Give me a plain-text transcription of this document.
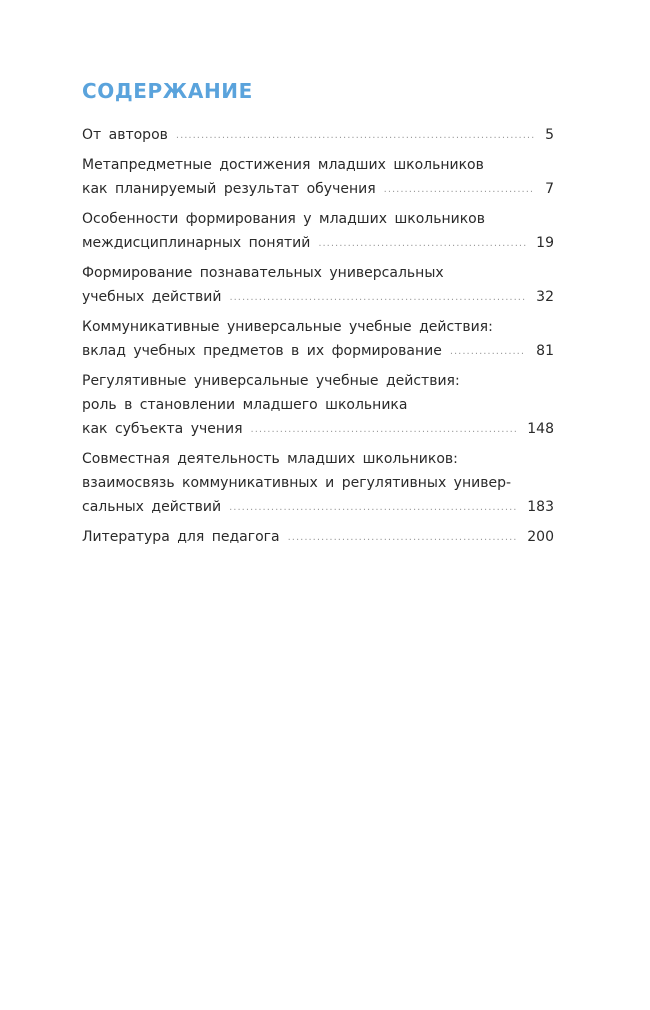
СОДЕРЖАНИЕ
От авторов .....	5
Метапредметные достижения младших школьников
как планируемый результат обучения .....	7
Особенности формирования у младших школьников
междисциплинарных понятий .....	19
Формирование познавательных универсальных
учебных действий .....	32
Коммуникативные универсальные учебные действия:
вклад учебных предметов в их формирование .....	81
Регулятивные универсальные учебные действия:
роль в становлении младшего школьника
как субъекта учения .....	148
Совместная деятельность младших школьников:
взаимосвязь коммуникативных и регулятивных универ-
сальных действий .....	183
Литература для педагога .....	200
